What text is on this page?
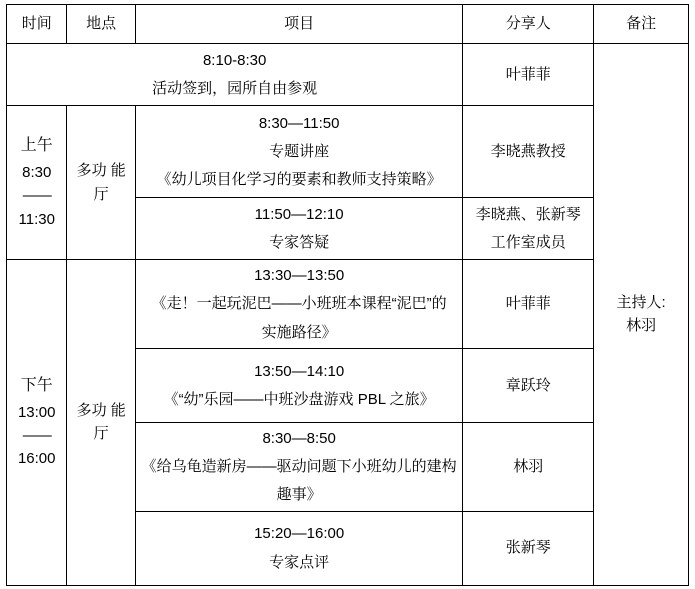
时间	地点	项目	分享人	备注

8:10-8:30
活动签到，园所自由参观			叶菲菲	主持人:
林羽

上午
8:30
——
11:30	多功 能厅	8:30—11:50
专题讲座
《幼儿项目化学习的要素和教师支持策略》	李晓燕教授	

		11:50—12:10
专家答疑	李晓燕、张新琴
工作室成员	

下午
13:00
——
16:00	多功 能厅	13:30—13:50
《走！一起玩泥巴——小班班本课程“泥巴”的
实施路径》	叶菲菲	

		13:50—14:10
《“幼”乐园——中班沙盘游戏 PBL 之旅》	章跃玲	

		8:30—8:50
《给乌龟造新房——驱动问题下小班幼儿的建构
趣事》	林羽	

		15:20—16:00
专家点评	张新琴	
